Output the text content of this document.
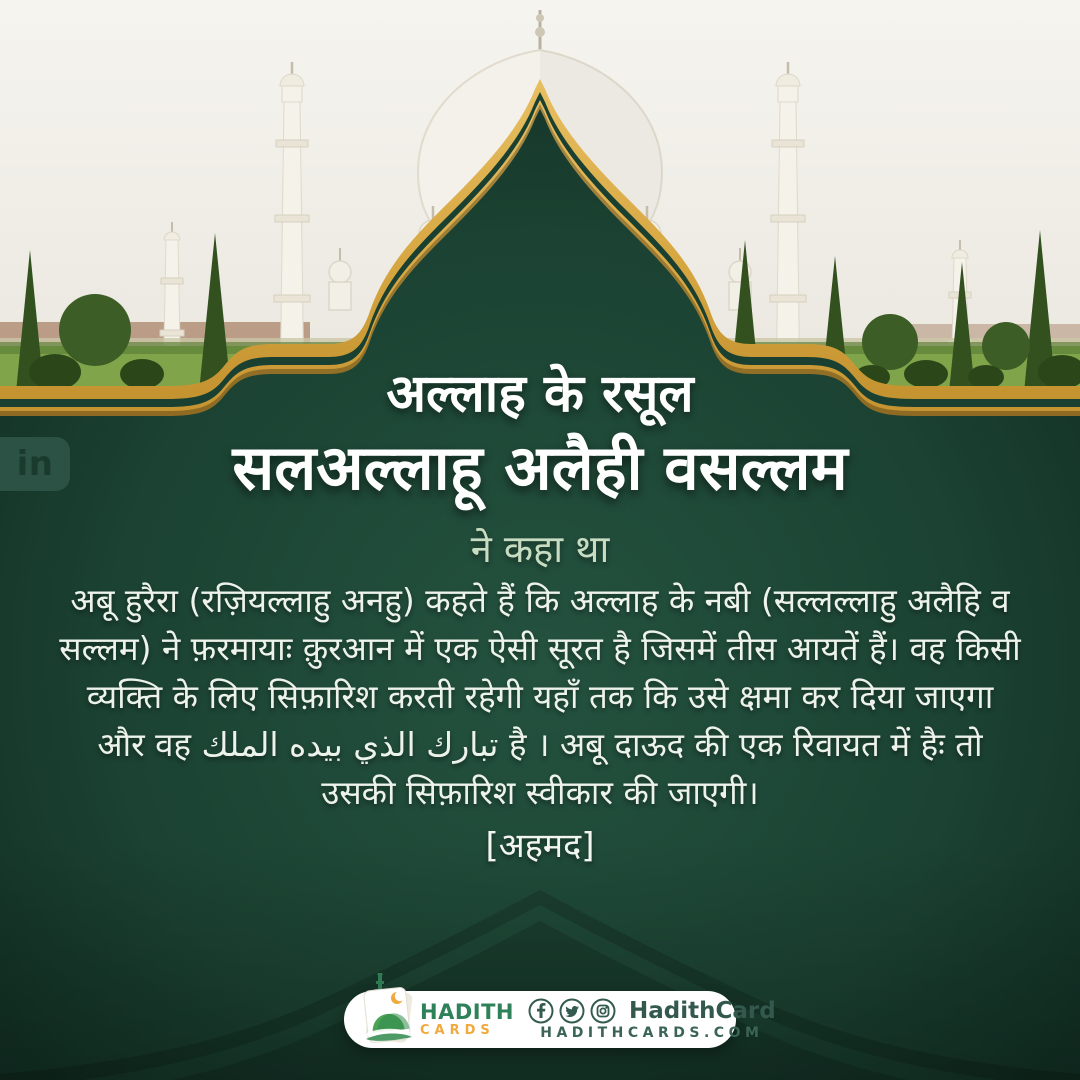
in
अल्लाह के रसूल
सलअल्लाहू अलैही वसल्लम
ने कहा था
अबू हुरैरा (रज़ियल्लाहु अनहु) कहते हैं कि अल्लाह के नबी (सल्लल्लाहु अलैहि व सल्लम) ने फ़रमायाः क़ुरआन में एक ऐसी सूरत है जिसमें तीस आयतें हैं। वह किसी व्यक्ति के लिए सिफ़ारिश करती रहेगी यहाँ तक कि उसे क्षमा कर दिया जाएगा और वह تبارك الذي بيده الملك है । अबू दाऊद की एक रिवायत में हैः तो उसकी सिफ़ारिश स्वीकार की जाएगी।
[अहमद]
HADITH
CARDS
HadithCard
HADITHCARDS.COM
